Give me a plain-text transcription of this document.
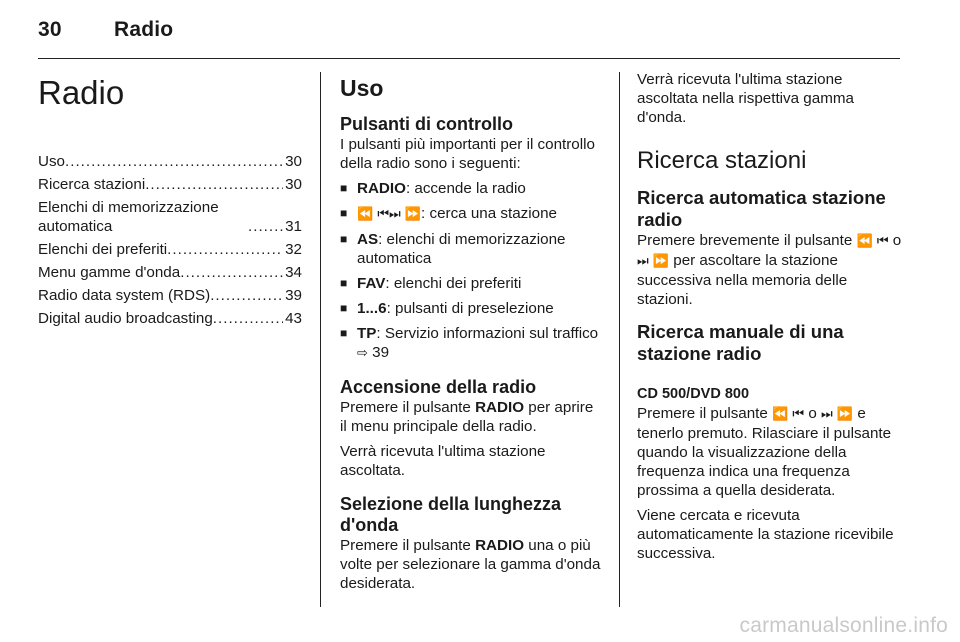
30 Radio
Radio
Uso .....	30
Ricerca stazioni .....	30
Elenchi di memorizzazione automatica .....	31
Elenchi dei preferiti .....	32
Menu gamme d'onda .....	34
Radio data system (RDS) .....	39
Digital audio broadcasting .....	43
Uso
Pulsanti di controllo

I pulsanti più importanti per il controllo della radio sono i seguenti:

■ RADIO: accende la radio
■ ⏪ ⏮⏭ ⏩: cerca una stazione
■ AS: elenchi di memorizzazione automatica
■ FAV: elenchi dei preferiti
■ 1...6: pulsanti di preselezione
■ TP: Servizio informazioni sul traffico ⇨ 39
Accensione della radio

Premere il pulsante RADIO per aprire il menu principale della radio.

Verrà ricevuta l'ultima stazione ascoltata.

Selezione della lunghezza d'onda

Premere il pulsante RADIO una o più volte per selezionare la gamma d'onda desiderata.

Verrà ricevuta l'ultima stazione ascoltata nella rispettiva gamma d'onda.

Ricerca stazioni
Ricerca automatica stazione radio

Premere brevemente il pulsante ⏪ ⏮ o ⏭ ⏩ per ascoltare la stazione successiva nella memoria delle stazioni.

Ricerca manuale di una stazione radio
CD 500/DVD 800

Premere il pulsante ⏪ ⏮ o ⏭ ⏩ e tenerlo premuto. Rilasciare il pulsante quando la visualizzazione della frequenza indica una frequenza prossima a quella desiderata.

Viene cercata e ricevuta automaticamente la stazione ricevibile successiva.

carmanualsonline.info
